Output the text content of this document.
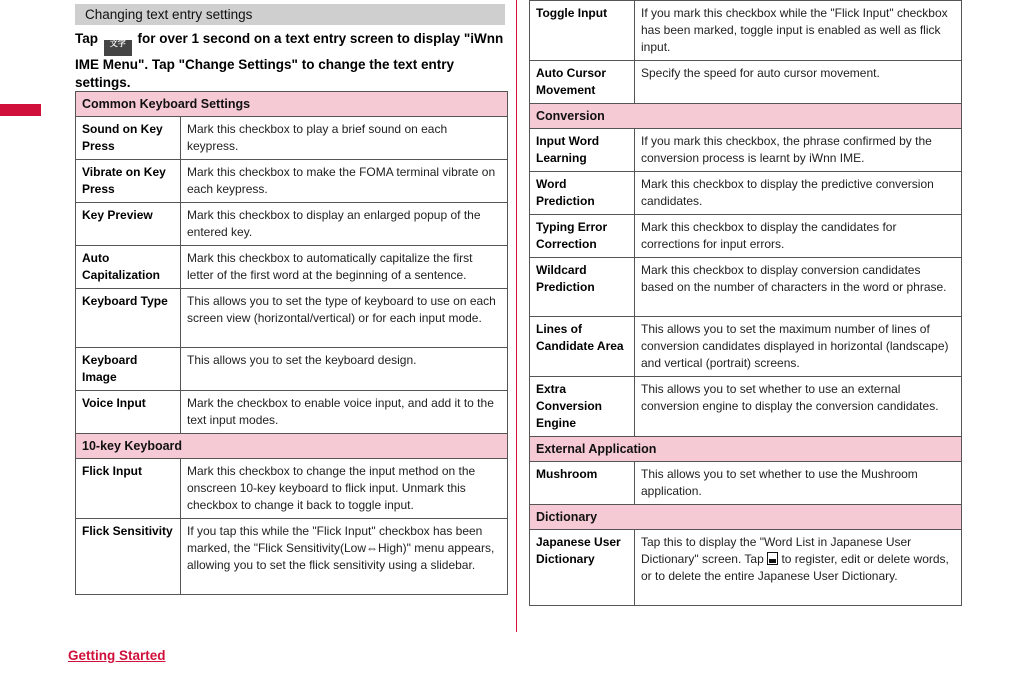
Changing text entry settings
Tap 文字 for over 1 second on a text entry screen to display "iWnn IME Menu". Tap "Change Settings" to change the text entry settings.
Common Keyboard Settings	
Sound on Key Press	Mark this checkbox to play a brief sound on each keypress.
Vibrate on Key Press	Mark this checkbox to make the FOMA terminal vibrate on each keypress.
Key Preview	Mark this checkbox to display an enlarged popup of the entered key.
Auto Capitalization	Mark this checkbox to automatically capitalize the first letter of the first word at the beginning of a sentence.
Keyboard Type	This allows you to set the type of keyboard to use on each screen view (horizontal/vertical) or for each input mode.
Keyboard Image	This allows you to set the keyboard design.
Voice Input	Mark the checkbox to enable voice input, and add it to the text input modes.
10-key Keyboard	
Flick Input	Mark this checkbox to change the input method on the onscreen 10-key keyboard to flick input. Unmark this checkbox to change it back to toggle input.
Flick Sensitivity	If you tap this while the "Flick Input" checkbox has been marked, the "Flick Sensitivity(Low⇔High)" menu appears, allowing you to set the flick sensitivity using a slidebar.
Toggle Input	If you mark this checkbox while the "Flick Input" checkbox has been marked, toggle input is enabled as well as flick input.
Auto Cursor Movement	Specify the speed for auto cursor movement.
Conversion	
Input Word Learning	If you mark this checkbox, the phrase confirmed by the conversion process is learnt by iWnn IME.
Word Prediction	Mark this checkbox to display the predictive conversion candidates.
Typing Error Correction	Mark this checkbox to display the candidates for corrections for input errors.
Wildcard Prediction	Mark this checkbox to display conversion candidates based on the number of characters in the word or phrase.
Lines of Candidate Area	This allows you to set the maximum number of lines of conversion candidates displayed in horizontal (landscape) and vertical (portrait) screens.
Extra Conversion Engine	This allows you to set whether to use an external conversion engine to display the conversion candidates.
External Application	
Mushroom	This allows you to set whether to use the Mushroom application.
Dictionary	
Japanese User Dictionary	Tap this to display the "Word List in Japanese User Dictionary" screen. Tap to register, edit or delete words, or to delete the entire Japanese User Dictionary.
Getting Started
